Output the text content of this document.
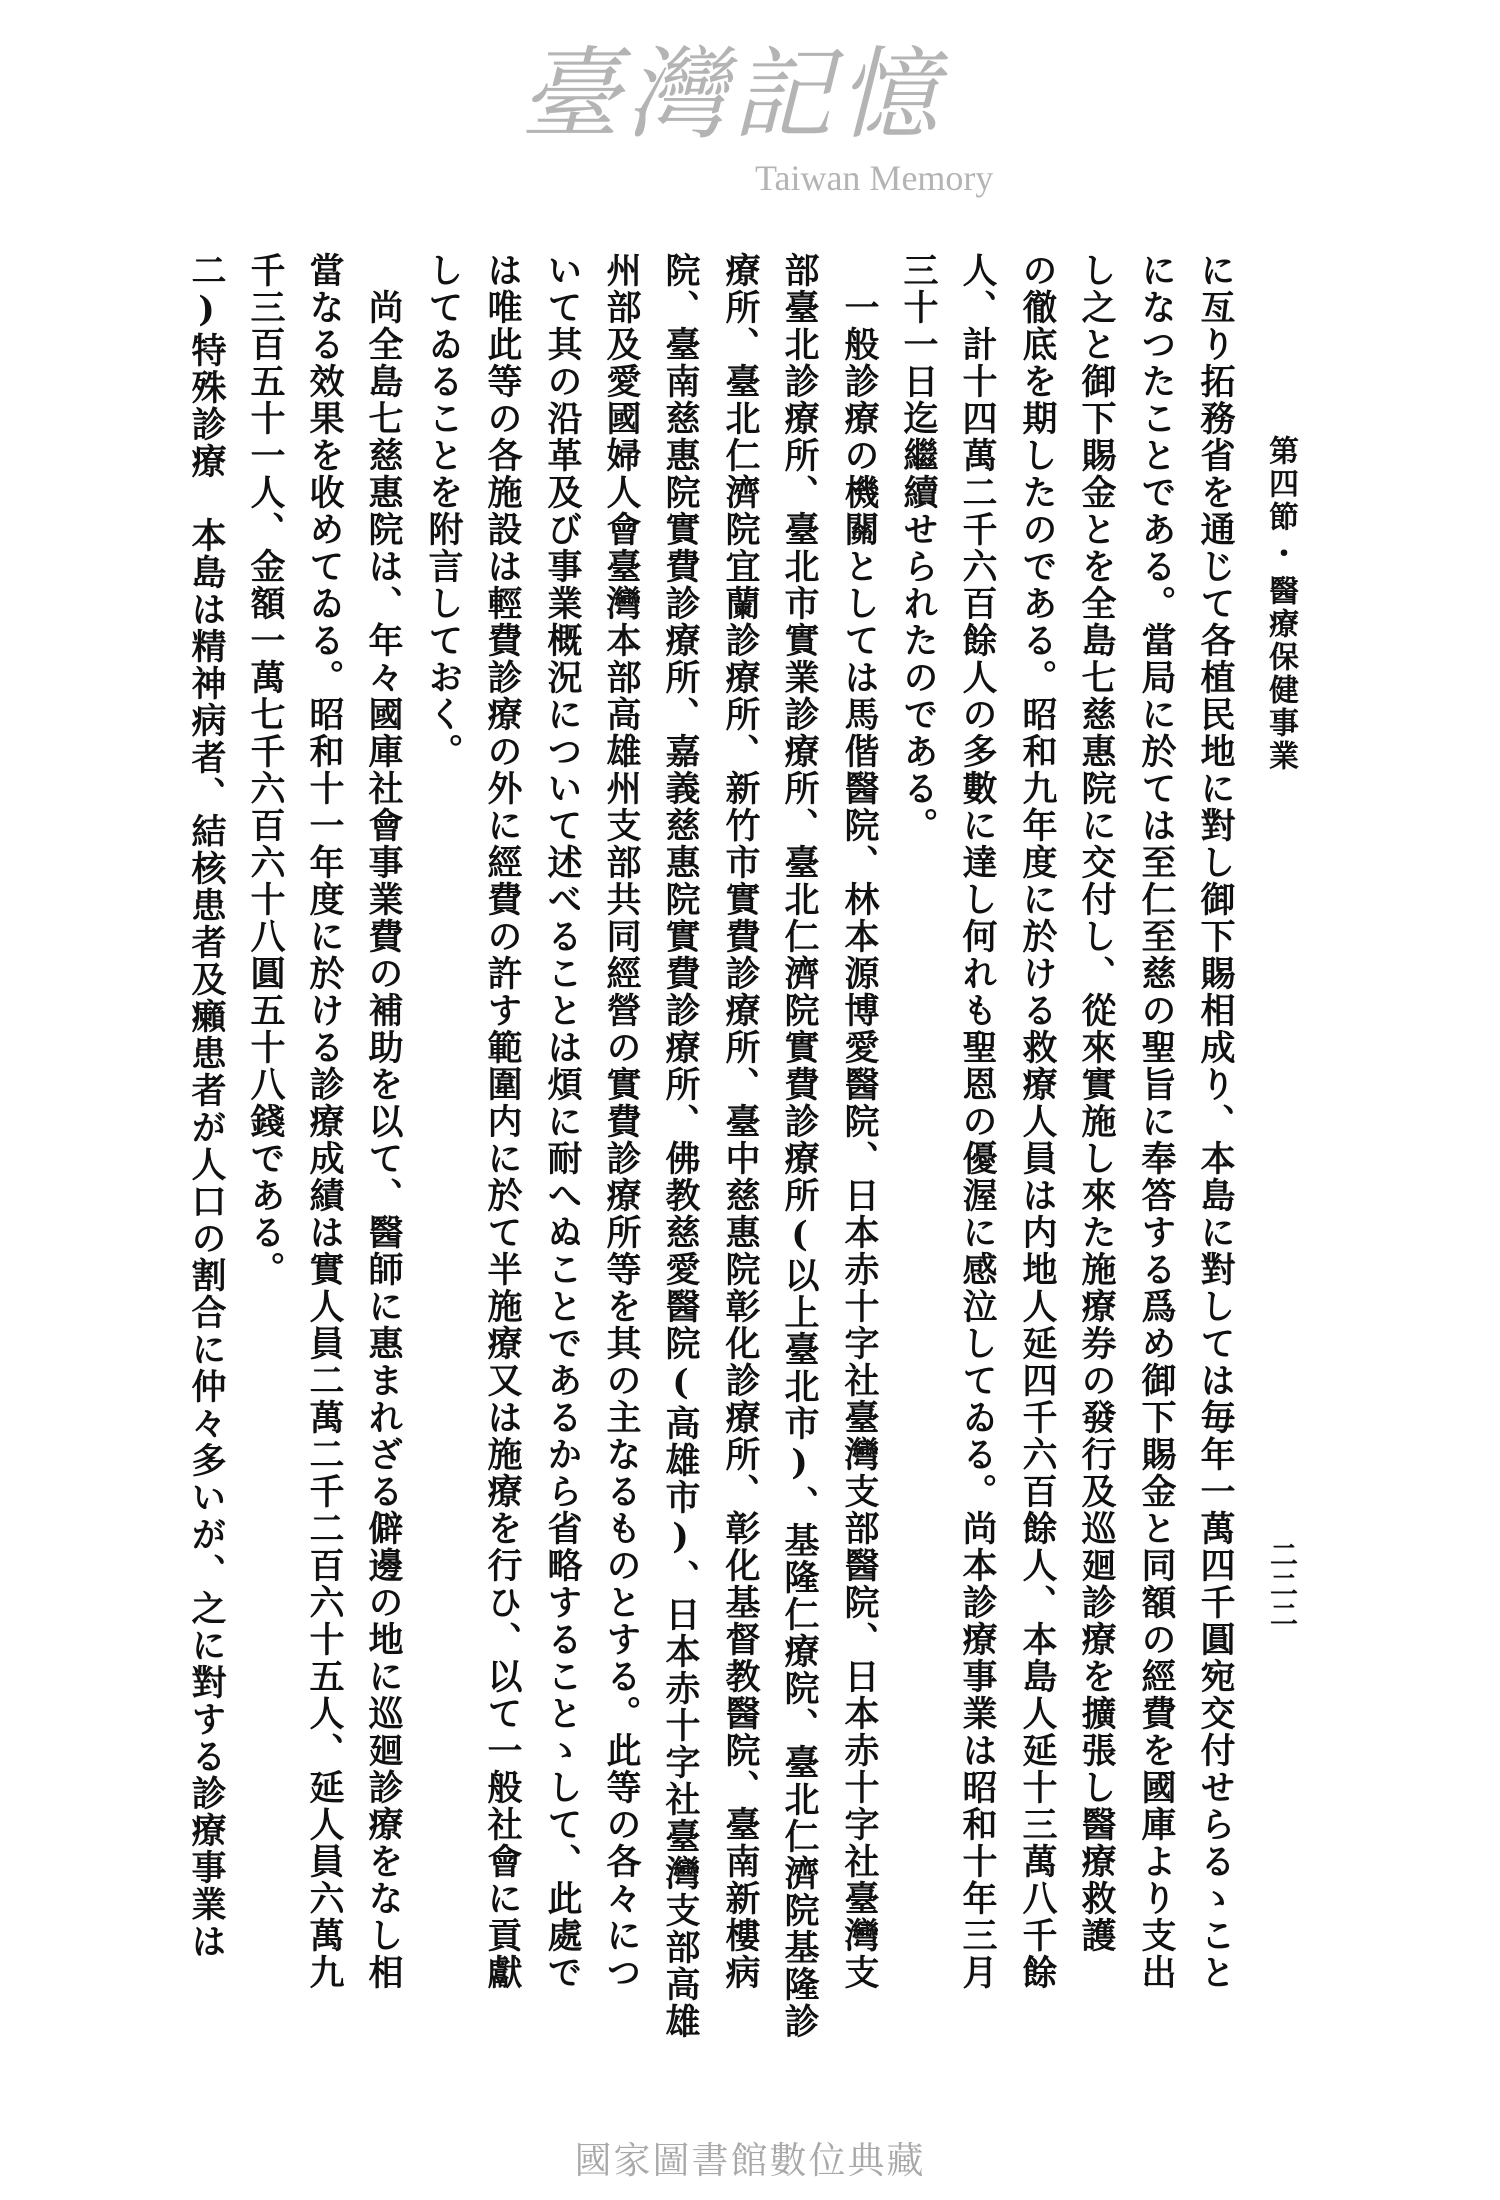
臺灣記憶
Taiwan Memory
第四節・醫療保健事業
二二二
に亙り拓務省を通じて各植民地に對し御下賜相成り、本島に對しては毎年一萬四千圓宛交付せらるゝこと
になつたことである。當局に於ては至仁至慈の聖旨に奉答する爲め御下賜金と同額の經費を國庫より支出
し之と御下賜金とを全島七慈惠院に交付し、從來實施し來た施療券の發行及巡廻診療を擴張し醫療救護
の徹底を期したのである。昭和九年度に於ける救療人員は内地人延四千六百餘人、本島人延十三萬八千餘
人、計十四萬二千六百餘人の多數に達し何れも聖恩の優渥に感泣してゐる。尚本診療事業は昭和十年三月
三十一日迄繼續せられたのである。
一般診療の機關としては馬偕醫院、林本源博愛醫院、日本赤十字社臺灣支部醫院、日本赤十字社臺灣支
部臺北診療所、臺北市實業診療所、臺北仁濟院實費診療所(以上臺北市)、基隆仁療院、臺北仁濟院基隆診
療所、臺北仁濟院宜蘭診療所、新竹市實費診療所、臺中慈惠院彰化診療所、彰化基督教醫院、臺南新樓病
院、臺南慈惠院實費診療所、嘉義慈惠院實費診療所、佛教慈愛醫院(高雄市)、日本赤十字社臺灣支部高雄
州部及愛國婦人會臺灣本部高雄州支部共同經營の實費診療所等を其の主なるものとする。此等の各々につ
いて其の沿革及び事業概況について述べることは煩に耐へぬことであるから省略することゝして、此處で
は唯此等の各施設は輕費診療の外に經費の許す範圍内に於て半施療又は施療を行ひ、以て一般社會に貢獻
してゐることを附言しておく。
尚全島七慈惠院は、年々國庫社會事業費の補助を以て、醫師に惠まれざる僻邊の地に巡廻診療をなし相
當なる效果を收めてゐる。昭和十一年度に於ける診療成績は實人員二萬二千二百六十五人、延人員六萬九
千三百五十一人、金額一萬七千六百六十八圓五十八錢である。
二)特殊診療　本島は精神病者、結核患者及癩患者が人口の割合に仲々多いが、之に對する診療事業は
國家圖書館數位典藏
